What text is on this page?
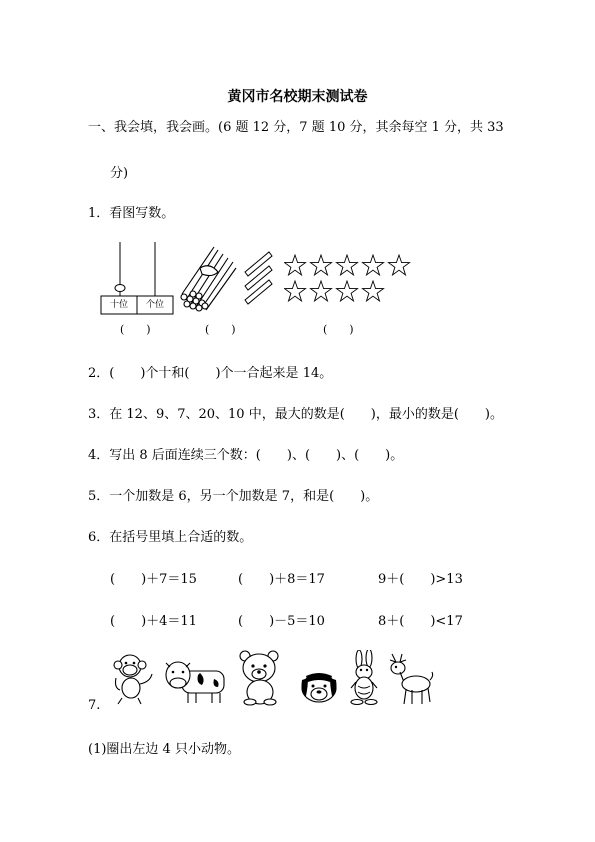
黄冈市名校期末测试卷
一、我会填，我会画。(6 题 12 分，7 题 10 分，其余每空 1 分，共 33
分)
1．看图写数。
十位	个位
(　　)	(　　)	(　　)
2．(　　)个十和(　　)个一合起来是 14。
3．在 12、9、7、20、10 中，最大的数是(　　)，最小的数是(　　)。
4．写出 8 后面连续三个数：(　　)、(　　)、(　　)。
5．一个加数是 6，另一个加数是 7，和是(　　)。
6．在括号里填上合适的数。
(　　)＋7＝15	(　　)＋8＝17	9＋(　　)>13
(　　)＋4＝11	(　　)－5＝10	8＋(　　)<17
7.
(1)圈出左边 4 只小动物。
